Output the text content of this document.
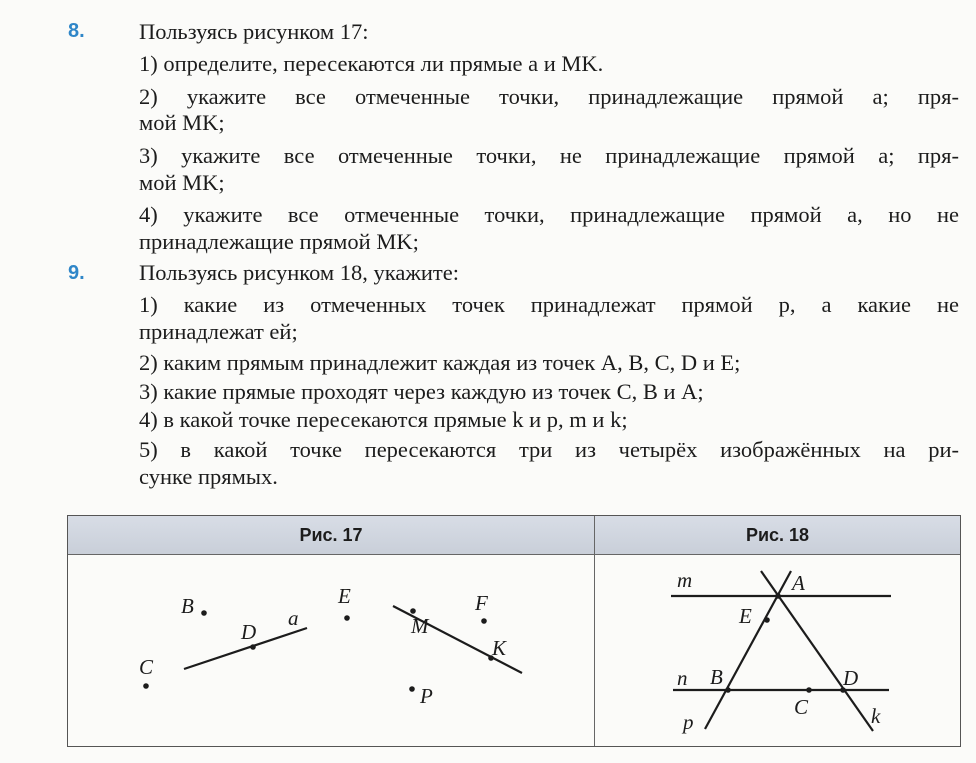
8. Пользуясь рисунком 17:
1) определите, пересекаются ли прямые a и MK.
2) укажите все отмеченные точки, принадлежащие прямой a; пря-
мой MK;
3) укажите все отмеченные точки, не принадлежащие прямой a; пря-
мой MK;
4) укажите все отмеченные точки, принадлежащие прямой a, но не
принадлежащие прямой MK;
9. Пользуясь рисунком 18, укажите:
1) какие из отмеченных точек принадлежат прямой p, а какие не
принадлежат ей;
2) каким прямым принадлежит каждая из точек A, B, C, D и E;
3) какие прямые проходят через каждую из точек C, B и A;
4) в какой точке пересекаются прямые k и p, m и k;
5) в какой точке пересекаются три из четырёх изображённых на ри-
сунке прямых.
Рис. 17	Рис. 18
B
D
a
E
M
F
K
C
P
m	A
E
n B	D
C
p	k
